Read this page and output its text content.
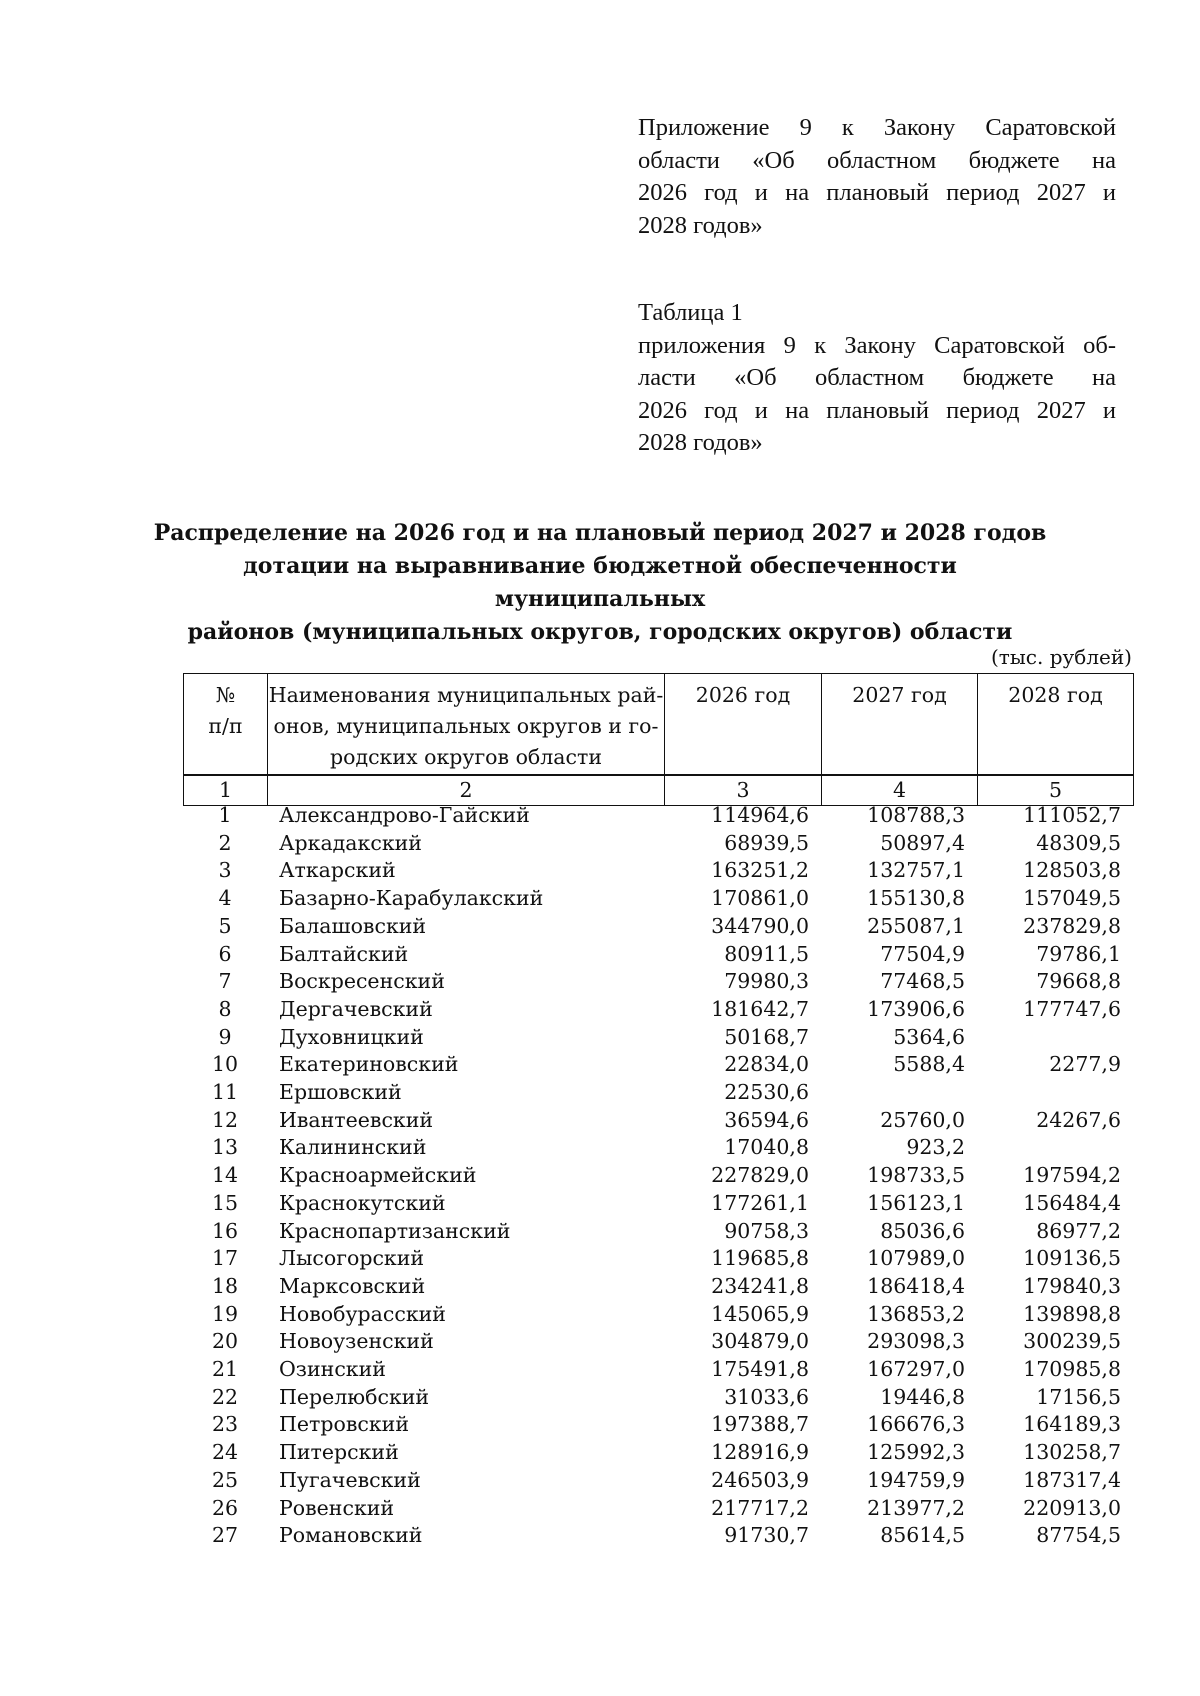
Приложение 9 к Закону Саратовской
области «Об областном бюджете на
2026 год и на плановый период 2027 и
2028 годов»
Таблица 1
приложения 9 к Закону Саратовской об-
ласти «Об областном бюджете на
2026 год и на плановый период 2027 и
2028 годов»
Распределение на 2026 год и на плановый период 2027 и 2028 годов
дотации на выравнивание бюджетной обеспеченности муниципальных
районов (муниципальных округов, городских округов) области
(тыс. рублей)
№
п/п	Наименования муниципальных рай-
онов, муниципальных округов и го-
родских округов области	2026 год	2027 год	2028 год
1	2	3	4	5
1	Александрово-Гайский	114964,6	108788,3	111052,7
2	Аркадакский	68939,5	50897,4	48309,5
3	Аткарский	163251,2	132757,1	128503,8
4	Базарно-Карабулакский	170861,0	155130,8	157049,5
5	Балашовский	344790,0	255087,1	237829,8
6	Балтайский	80911,5	77504,9	79786,1
7	Воскресенский	79980,3	77468,5	79668,8
8	Дергачевский	181642,7	173906,6	177747,6
9	Духовницкий	50168,7	5364,6	
10	Екатериновский	22834,0	5588,4	2277,9
11	Ершовский	22530,6		
12	Ивантеевский	36594,6	25760,0	24267,6
13	Калининский	17040,8	923,2	
14	Красноармейский	227829,0	198733,5	197594,2
15	Краснокутский	177261,1	156123,1	156484,4
16	Краснопартизанский	90758,3	85036,6	86977,2
17	Лысогорский	119685,8	107989,0	109136,5
18	Марксовский	234241,8	186418,4	179840,3
19	Новобурасский	145065,9	136853,2	139898,8
20	Новоузенский	304879,0	293098,3	300239,5
21	Озинский	175491,8	167297,0	170985,8
22	Перелюбский	31033,6	19446,8	17156,5
23	Петровский	197388,7	166676,3	164189,3
24	Питерский	128916,9	125992,3	130258,7
25	Пугачевский	246503,9	194759,9	187317,4
26	Ровенский	217717,2	213977,2	220913,0
27	Романовский	91730,7	85614,5	87754,5
